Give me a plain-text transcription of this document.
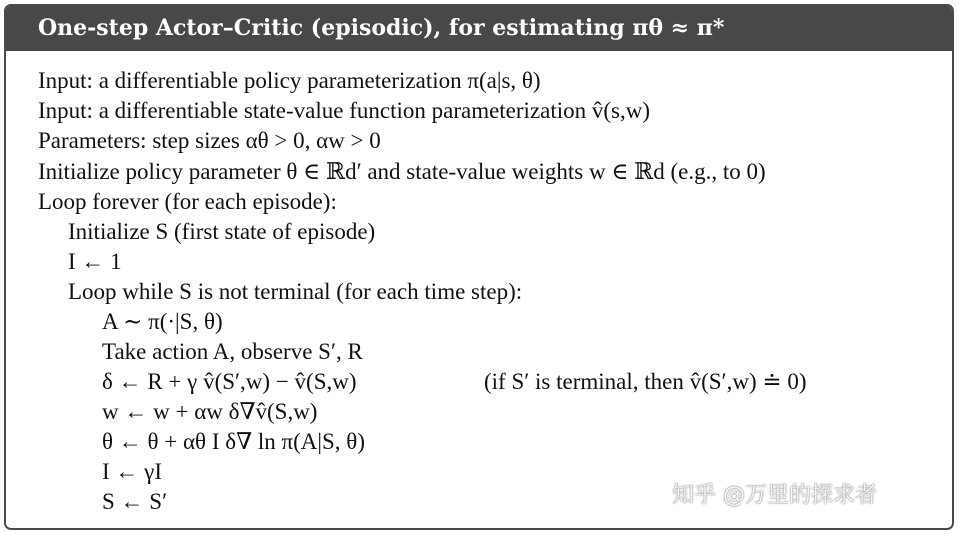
One-step Actor–Critic (episodic), for estimating πθ ≈ π*
Input: a differentiable policy parameterization π(a|s, θ)
Input: a differentiable state-value function parameterization v̂(s,w)
Parameters: step sizes αθ > 0, αw > 0
Initialize policy parameter θ ∈ ℝd′ and state-value weights w ∈ ℝd (e.g., to 0)
Loop forever (for each episode):
Initialize S (first state of episode)
I ← 1
Loop while S is not terminal (for each time step):
A ∼ π(·|S, θ)
Take action A, observe S′, R
δ ← R + γ v̂(S′,w) − v̂(S,w)	(if S′ is terminal, then v̂(S′,w) ≐ 0)
w ← w + αw δ∇v̂(S,w)
θ ← θ + αθ I δ∇ ln π(A|S, θ)
I ← γI
S ← S′	知乎 @万里的探求者
